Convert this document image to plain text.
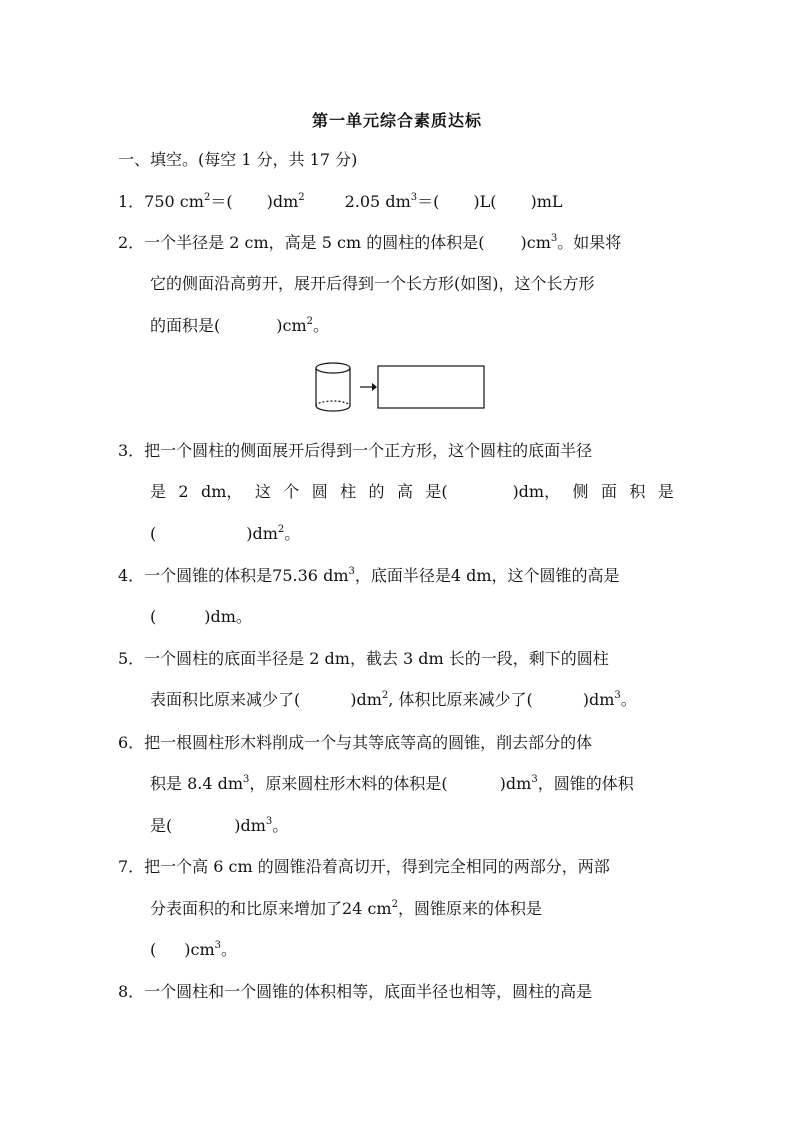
第一单元综合素质达标
一、填空。(每空 1 分，共 17 分)
1．750 $cm^2=$( )$dm^2$	2.05 $dm^3=$( )L( )mL
2．一个半径是 2 cm，高是 5 cm 的圆柱的体积是( )$cm^3$。如果将
它的侧面沿高剪开，展开后得到一个长方形(如图)，这个长方形
的面积是(	)$cm^2$。
3．把一个圆柱的侧面展开后得到一个正方形，这个圆柱的底面半径
是 2 dm， 这 个 圆 柱 的 高 是(	)dm， 侧 面 积 是
(	)$dm^2$。
4．一个圆锥的体积是75.36 $dm^3$，底面半径是4 dm，这个圆锥的高是
(　　　)dm。
5．一个圆柱的底面半径是 2 dm，截去 3 dm 长的一段，剩下的圆柱
表面积比原来减少了(	)$dm^2$, 体积比原来减少了(	)$dm^3$。
6．把一根圆柱形木料削成一个与其等底等高的圆锥，削去部分的体
积是 8.4 $dm^3$，原来圆柱形木料的体积是(	)$dm^3$，圆锥的体积
是(	)$dm^3$。
7．把一个高 6 cm 的圆锥沿着高切开，得到完全相同的两部分，两部
分表面积的和比原来增加了24 $cm^2$，圆锥原来的体积是
( )$cm^3$。
8．一个圆柱和一个圆锥的体积相等，底面半径也相等，圆柱的高是
